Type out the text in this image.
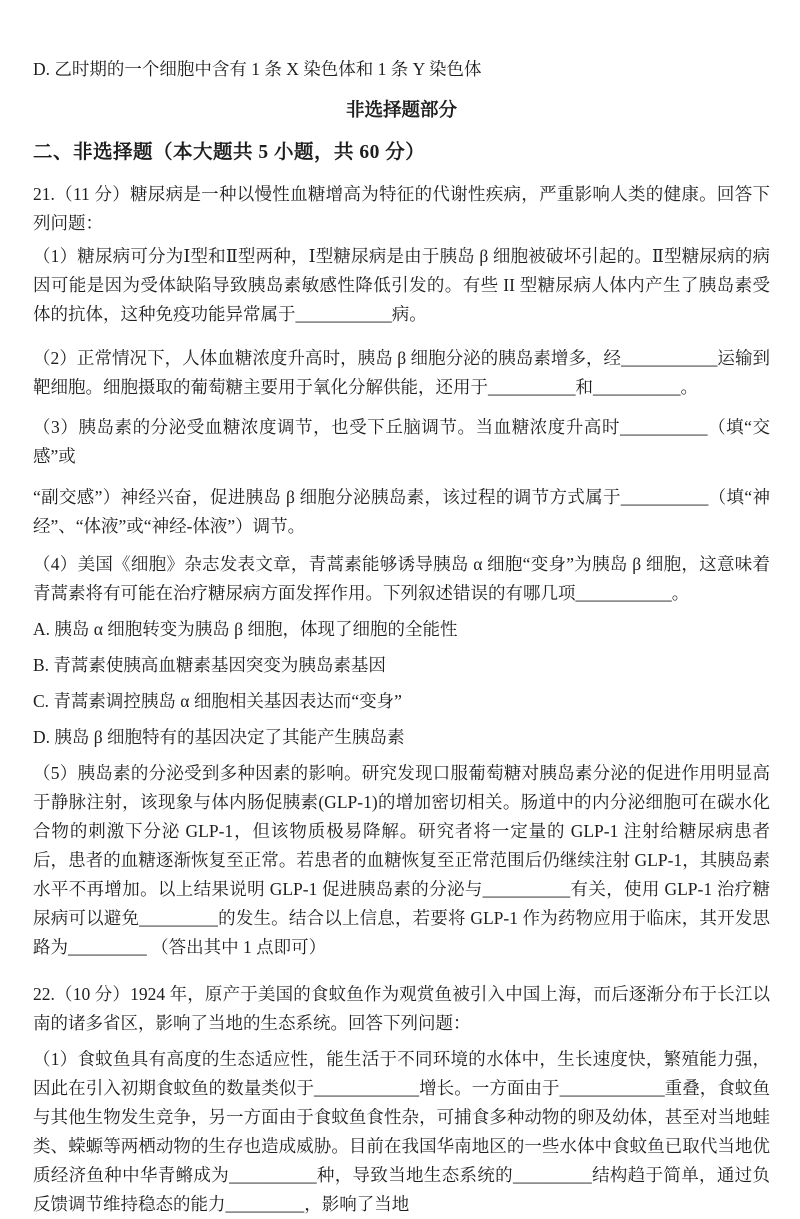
D. 乙时期的一个细胞中含有 1 条 X 染色体和 1 条 Y 染色体

非选择题部分
二、非选择题（本大题共 5 小题，共 60 分）

21.（11 分）糖尿病是一种以慢性血糖增高为特征的代谢性疾病，严重影响人类的健康。回答下列问题：

（1）糖尿病可分为Ⅰ型和Ⅱ型两种，Ⅰ型糖尿病是由于胰岛 β 细胞被破坏引起的。Ⅱ型糖尿病的病因可能是因为受体缺陷导致胰岛素敏感性降低引发的。有些 II 型糖尿病人体内产生了胰岛素受体的抗体，这种免疫功能异常属于___________病。

（2）正常情况下，人体血糖浓度升高时，胰岛 β 细胞分泌的胰岛素增多，经___________运输到靶细胞。细胞摄取的葡萄糖主要用于氧化分解供能，还用于__________和__________。

（3）胰岛素的分泌受血糖浓度调节，也受下丘脑调节。当血糖浓度升高时__________（填“交感”或

“副交感”）神经兴奋，促进胰岛 β 细胞分泌胰岛素，该过程的调节方式属于__________（填“神经”、“体液”或“神经-体液”）调节。

（4）美国《细胞》杂志发表文章，青蒿素能够诱导胰岛 α 细胞“变身”为胰岛 β 细胞，这意味着青蒿素将有可能在治疗糖尿病方面发挥作用。下列叙述错误的有哪几项___________。

A. 胰岛 α 细胞转变为胰岛 β 细胞，体现了细胞的全能性

B. 青蒿素使胰高血糖素基因突变为胰岛素基因

C. 青蒿素调控胰岛 α 细胞相关基因表达而“变身”

D. 胰岛 β 细胞特有的基因决定了其能产生胰岛素

（5）胰岛素的分泌受到多种因素的影响。研究发现口服葡萄糖对胰岛素分泌的促进作用明显高于静脉注射，该现象与体内肠促胰素(GLP-1)的增加密切相关。肠道中的内分泌细胞可在碳水化合物的刺激下分泌 GLP-1，但该物质极易降解。研究者将一定量的 GLP-1 注射给糖尿病患者后，患者的血糖逐渐恢复至正常。若患者的血糖恢复至正常范围后仍继续注射 GLP-1，其胰岛素水平不再增加。以上结果说明 GLP-1 促进胰岛素的分泌与__________有关，使用 GLP-1 治疗糖尿病可以避免_________的发生。结合以上信息，若要将 GLP-1 作为药物应用于临床，其开发思路为_________ （答出其中 1 点即可）

22.（10 分）1924 年，原产于美国的食蚊鱼作为观赏鱼被引入中国上海，而后逐渐分布于长江以南的诸多省区，影响了当地的生态系统。回答下列问题：

（1）食蚊鱼具有高度的生态适应性，能生活于不同环境的水体中，生长速度快，繁殖能力强，因此在引入初期食蚊鱼的数量类似于____________增长。一方面由于____________重叠，食蚊鱼与其他生物发生竞争，另一方面由于食蚊鱼食性杂，可捕食多种动物的卵及幼体，甚至对当地蛙类、蝾螈等两栖动物的生存也造成威胁。目前在我国华南地区的一些水体中食蚊鱼已取代当地优质经济鱼种中华青鳉成为__________种，导致当地生态系统的_________结构趋于简单，通过负反馈调节维持稳态的能力_________，影响了当地
